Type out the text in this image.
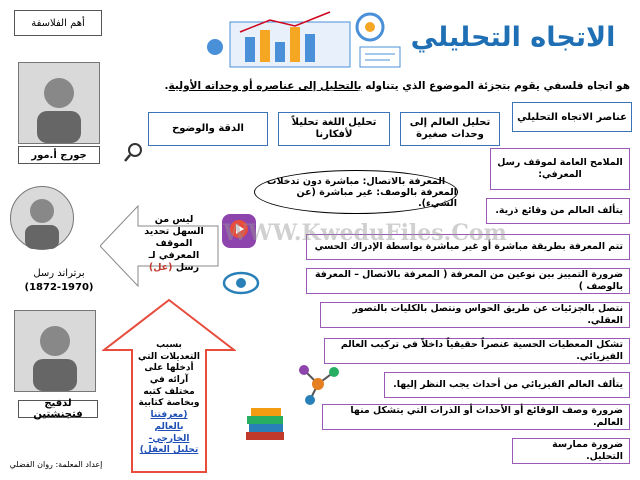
الاتجاه التحليلي
هو اتجاه فلسفي يقوم بتجزئة الموضوع الذي يتناوله بالتحليل إلى عناصره أو وحداته الأولية.
أهم الفلاسفة
جورج أ.مور
برتراند رسل
(1872-1970)
لدفيج فتجنشتين
عناصر الاتجاه التحليلي
تحليل العالم إلى وحدات صغيرة
تحليل اللغة تحليلاً لأفكارنا
الدقة والوضوح
المعرفة بالاتصال: مباشرة دون تدخلات
المعرفة بالوصف: غير مباشرة (عن الشيء).
ليس من السهل تحديد الموقف المعرفي لـ رسل (عل)
بسبب التعديلات التي أدخلها على آرائه في مختلف كتبه وبخاصة كتابية (معرفتنا بالعالم الخارجي- تحليل العقل)
الملامح العامة لموقف رسل المعرفي:
يتألف العالم من وقائع ذرية.
تتم المعرفة بطريقة مباشرة أو غير مباشرة بواسطة الإدراك الحسي
ضرورة التمييز بين نوعين من المعرفة ( المعرفة بالاتصال – المعرفة بالوصف )
نتصل بالجزئيات عن طريق الحواس ونتصل بالكليات بالتصور العقلي.
تشكل المعطيات الحسية عنصراً حقيقياً داخلاً في تركيب العالم الفيزيائي.
يتألف العالم الفيزيائي من أحداث يجب النظر إليها.
ضرورة وصف الوقائع أو الأحداث أو الذرات التي يتشكل منها العالم.
ضرورة ممارسة التحليل.
WWW.KweduFiles.Com
إعداد المعلمة: روان الفضلي
